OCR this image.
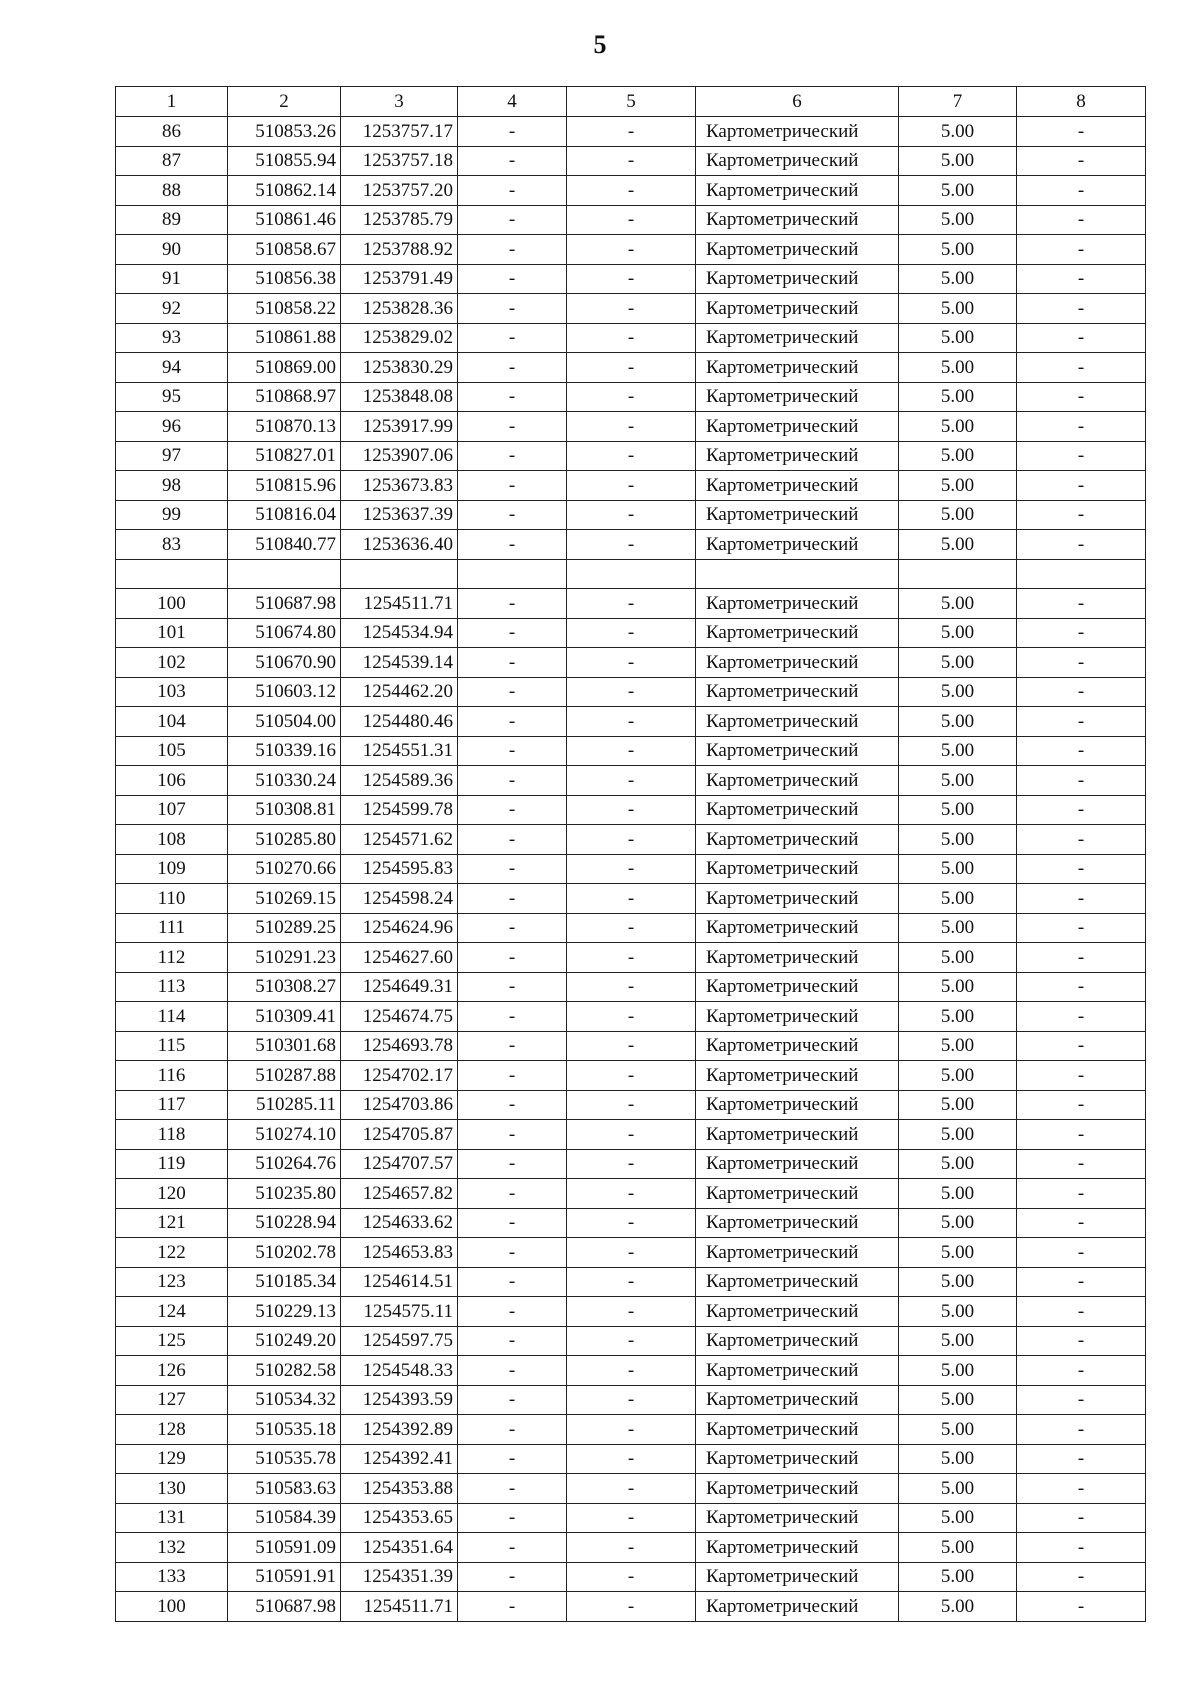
5
1	2	3	4	5	6	7	8
86	510853.26	1253757.17	-	-	Картометрический	5.00	-
87	510855.94	1253757.18	-	-	Картометрический	5.00	-
88	510862.14	1253757.20	-	-	Картометрический	5.00	-
89	510861.46	1253785.79	-	-	Картометрический	5.00	-
90	510858.67	1253788.92	-	-	Картометрический	5.00	-
91	510856.38	1253791.49	-	-	Картометрический	5.00	-
92	510858.22	1253828.36	-	-	Картометрический	5.00	-
93	510861.88	1253829.02	-	-	Картометрический	5.00	-
94	510869.00	1253830.29	-	-	Картометрический	5.00	-
95	510868.97	1253848.08	-	-	Картометрический	5.00	-
96	510870.13	1253917.99	-	-	Картометрический	5.00	-
97	510827.01	1253907.06	-	-	Картометрический	5.00	-
98	510815.96	1253673.83	-	-	Картометрический	5.00	-
99	510816.04	1253637.39	-	-	Картометрический	5.00	-
83	510840.77	1253636.40	-	-	Картометрический	5.00	-

100	510687.98	1254511.71	-	-	Картометрический	5.00	-
101	510674.80	1254534.94	-	-	Картометрический	5.00	-
102	510670.90	1254539.14	-	-	Картометрический	5.00	-
103	510603.12	1254462.20	-	-	Картометрический	5.00	-
104	510504.00	1254480.46	-	-	Картометрический	5.00	-
105	510339.16	1254551.31	-	-	Картометрический	5.00	-
106	510330.24	1254589.36	-	-	Картометрический	5.00	-
107	510308.81	1254599.78	-	-	Картометрический	5.00	-
108	510285.80	1254571.62	-	-	Картометрический	5.00	-
109	510270.66	1254595.83	-	-	Картометрический	5.00	-
110	510269.15	1254598.24	-	-	Картометрический	5.00	-
111	510289.25	1254624.96	-	-	Картометрический	5.00	-
112	510291.23	1254627.60	-	-	Картометрический	5.00	-
113	510308.27	1254649.31	-	-	Картометрический	5.00	-
114	510309.41	1254674.75	-	-	Картометрический	5.00	-
115	510301.68	1254693.78	-	-	Картометрический	5.00	-
116	510287.88	1254702.17	-	-	Картометрический	5.00	-
117	510285.11	1254703.86	-	-	Картометрический	5.00	-
118	510274.10	1254705.87	-	-	Картометрический	5.00	-
119	510264.76	1254707.57	-	-	Картометрический	5.00	-
120	510235.80	1254657.82	-	-	Картометрический	5.00	-
121	510228.94	1254633.62	-	-	Картометрический	5.00	-
122	510202.78	1254653.83	-	-	Картометрический	5.00	-
123	510185.34	1254614.51	-	-	Картометрический	5.00	-
124	510229.13	1254575.11	-	-	Картометрический	5.00	-
125	510249.20	1254597.75	-	-	Картометрический	5.00	-
126	510282.58	1254548.33	-	-	Картометрический	5.00	-
127	510534.32	1254393.59	-	-	Картометрический	5.00	-
128	510535.18	1254392.89	-	-	Картометрический	5.00	-
129	510535.78	1254392.41	-	-	Картометрический	5.00	-
130	510583.63	1254353.88	-	-	Картометрический	5.00	-
131	510584.39	1254353.65	-	-	Картометрический	5.00	-
132	510591.09	1254351.64	-	-	Картометрический	5.00	-
133	510591.91	1254351.39	-	-	Картометрический	5.00	-
100	510687.98	1254511.71	-	-	Картометрический	5.00	-
